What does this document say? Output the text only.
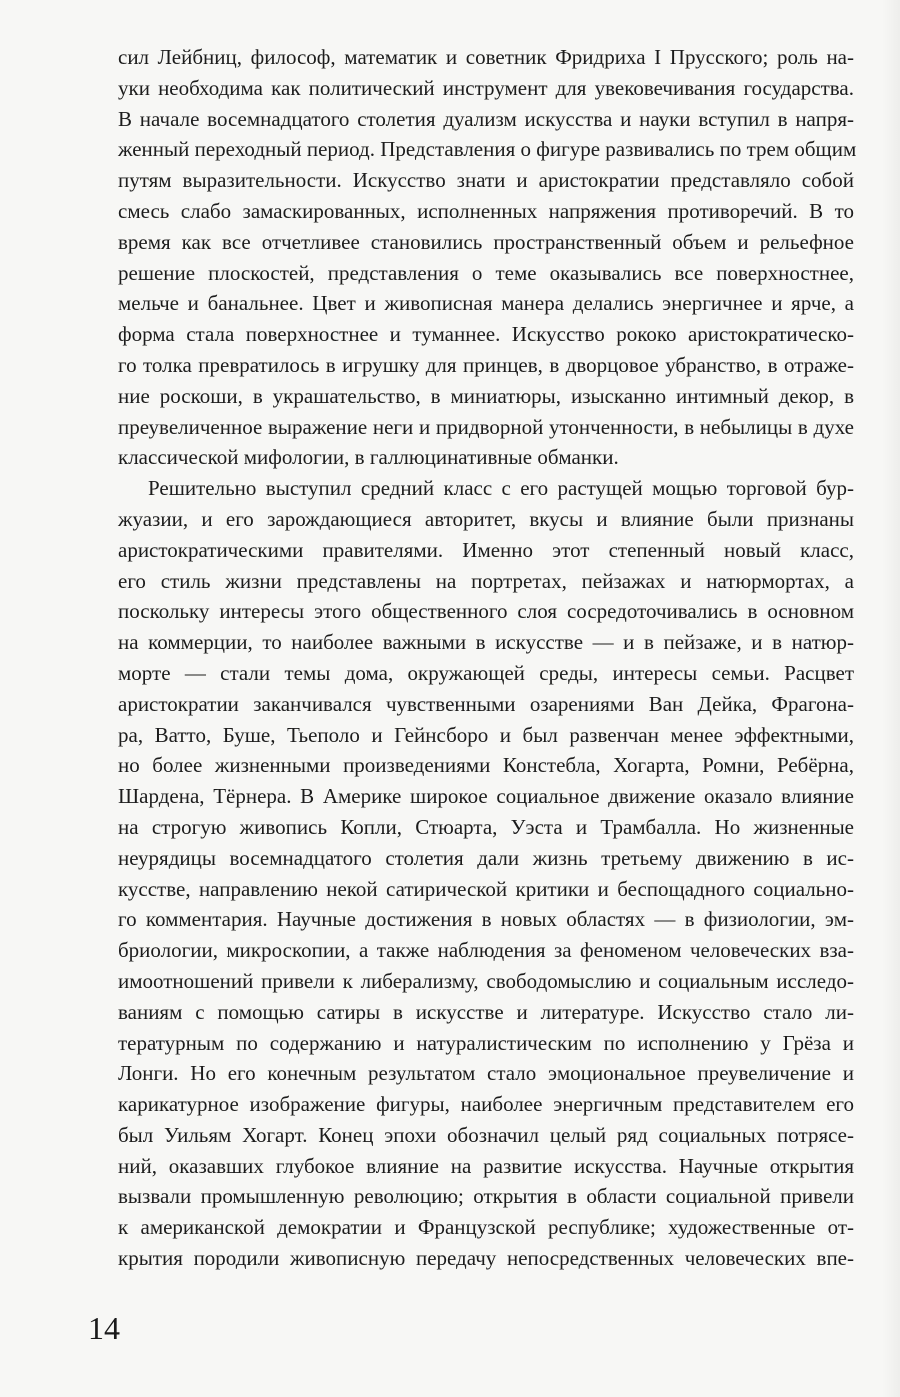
сил Лейбниц, философ, математик и советник Фридриха I Прусского; роль на-
уки необходима как политический инструмент для увековечивания государства.
В начале восемнадцатого столетия дуализм искусства и науки вступил в напря-
женный переходный период. Представления о фигуре развивались по трем общим
путям выразительности. Искусство знати и аристократии представляло собой
смесь слабо замаскированных, исполненных напряжения противоречий. В то
время как все отчетливее становились пространственный объем и рельефное
решение плоскостей, представления о теме оказывались все поверхностнее,
мельче и банальнее. Цвет и живописная манера делались энергичнее и ярче, а
форма стала поверхностнее и туманнее. Искусство рококо аристократическо-
го толка превратилось в игрушку для принцев, в дворцовое убранство, в отраже-
ние роскоши, в украшательство, в миниатюры, изысканно интимный декор, в
преувеличенное выражение неги и придворной утонченности, в небылицы в духе
классической мифологии, в галлюцинативные обманки.
Решительно выступил средний класс с его растущей мощью торговой бур-
жуазии, и его зарождающиеся авторитет, вкусы и влияние были признаны
аристократическими правителями. Именно этот степенный новый класс,
его стиль жизни представлены на портретах, пейзажах и натюрмортах, а
поскольку интересы этого общественного слоя сосредоточивались в основном
на коммерции, то наиболее важными в искусстве — и в пейзаже, и в натюр-
морте — стали темы дома, окружающей среды, интересы семьи. Расцвет
аристократии заканчивался чувственными озарениями Ван Дейка, Фрагона-
ра, Ватто, Буше, Тьеполо и Гейнсборо и был развенчан менее эффектными,
но более жизненными произведениями Констебла, Хогарта, Ромни, Ребёрна,
Шардена, Тёрнера. В Америке широкое социальное движение оказало влияние
на строгую живопись Копли, Стюарта, Уэста и Трамбалла. Но жизненные
неурядицы восемнадцатого столетия дали жизнь третьему движению в ис-
кусстве, направлению некой сатирической критики и беспощадного социально-
го комментария. Научные достижения в новых областях — в физиологии, эм-
бриологии, микроскопии, а также наблюдения за феноменом человеческих вза-
имоотношений привели к либерализму, свободомыслию и социальным исследо-
ваниям с помощью сатиры в искусстве и литературе. Искусство стало ли-
тературным по содержанию и натуралистическим по исполнению у Грёза и
Лонги. Но его конечным результатом стало эмоциональное преувеличение и
карикатурное изображение фигуры, наиболее энергичным представителем его
был Уильям Хогарт. Конец эпохи обозначил целый ряд социальных потрясе-
ний, оказавших глубокое влияние на развитие искусства. Научные открытия
вызвали промышленную революцию; открытия в области социальной привели
к американской демократии и Французской республике; художественные от-
крытия породили живописную передачу непосредственных человеческих впе-
14
